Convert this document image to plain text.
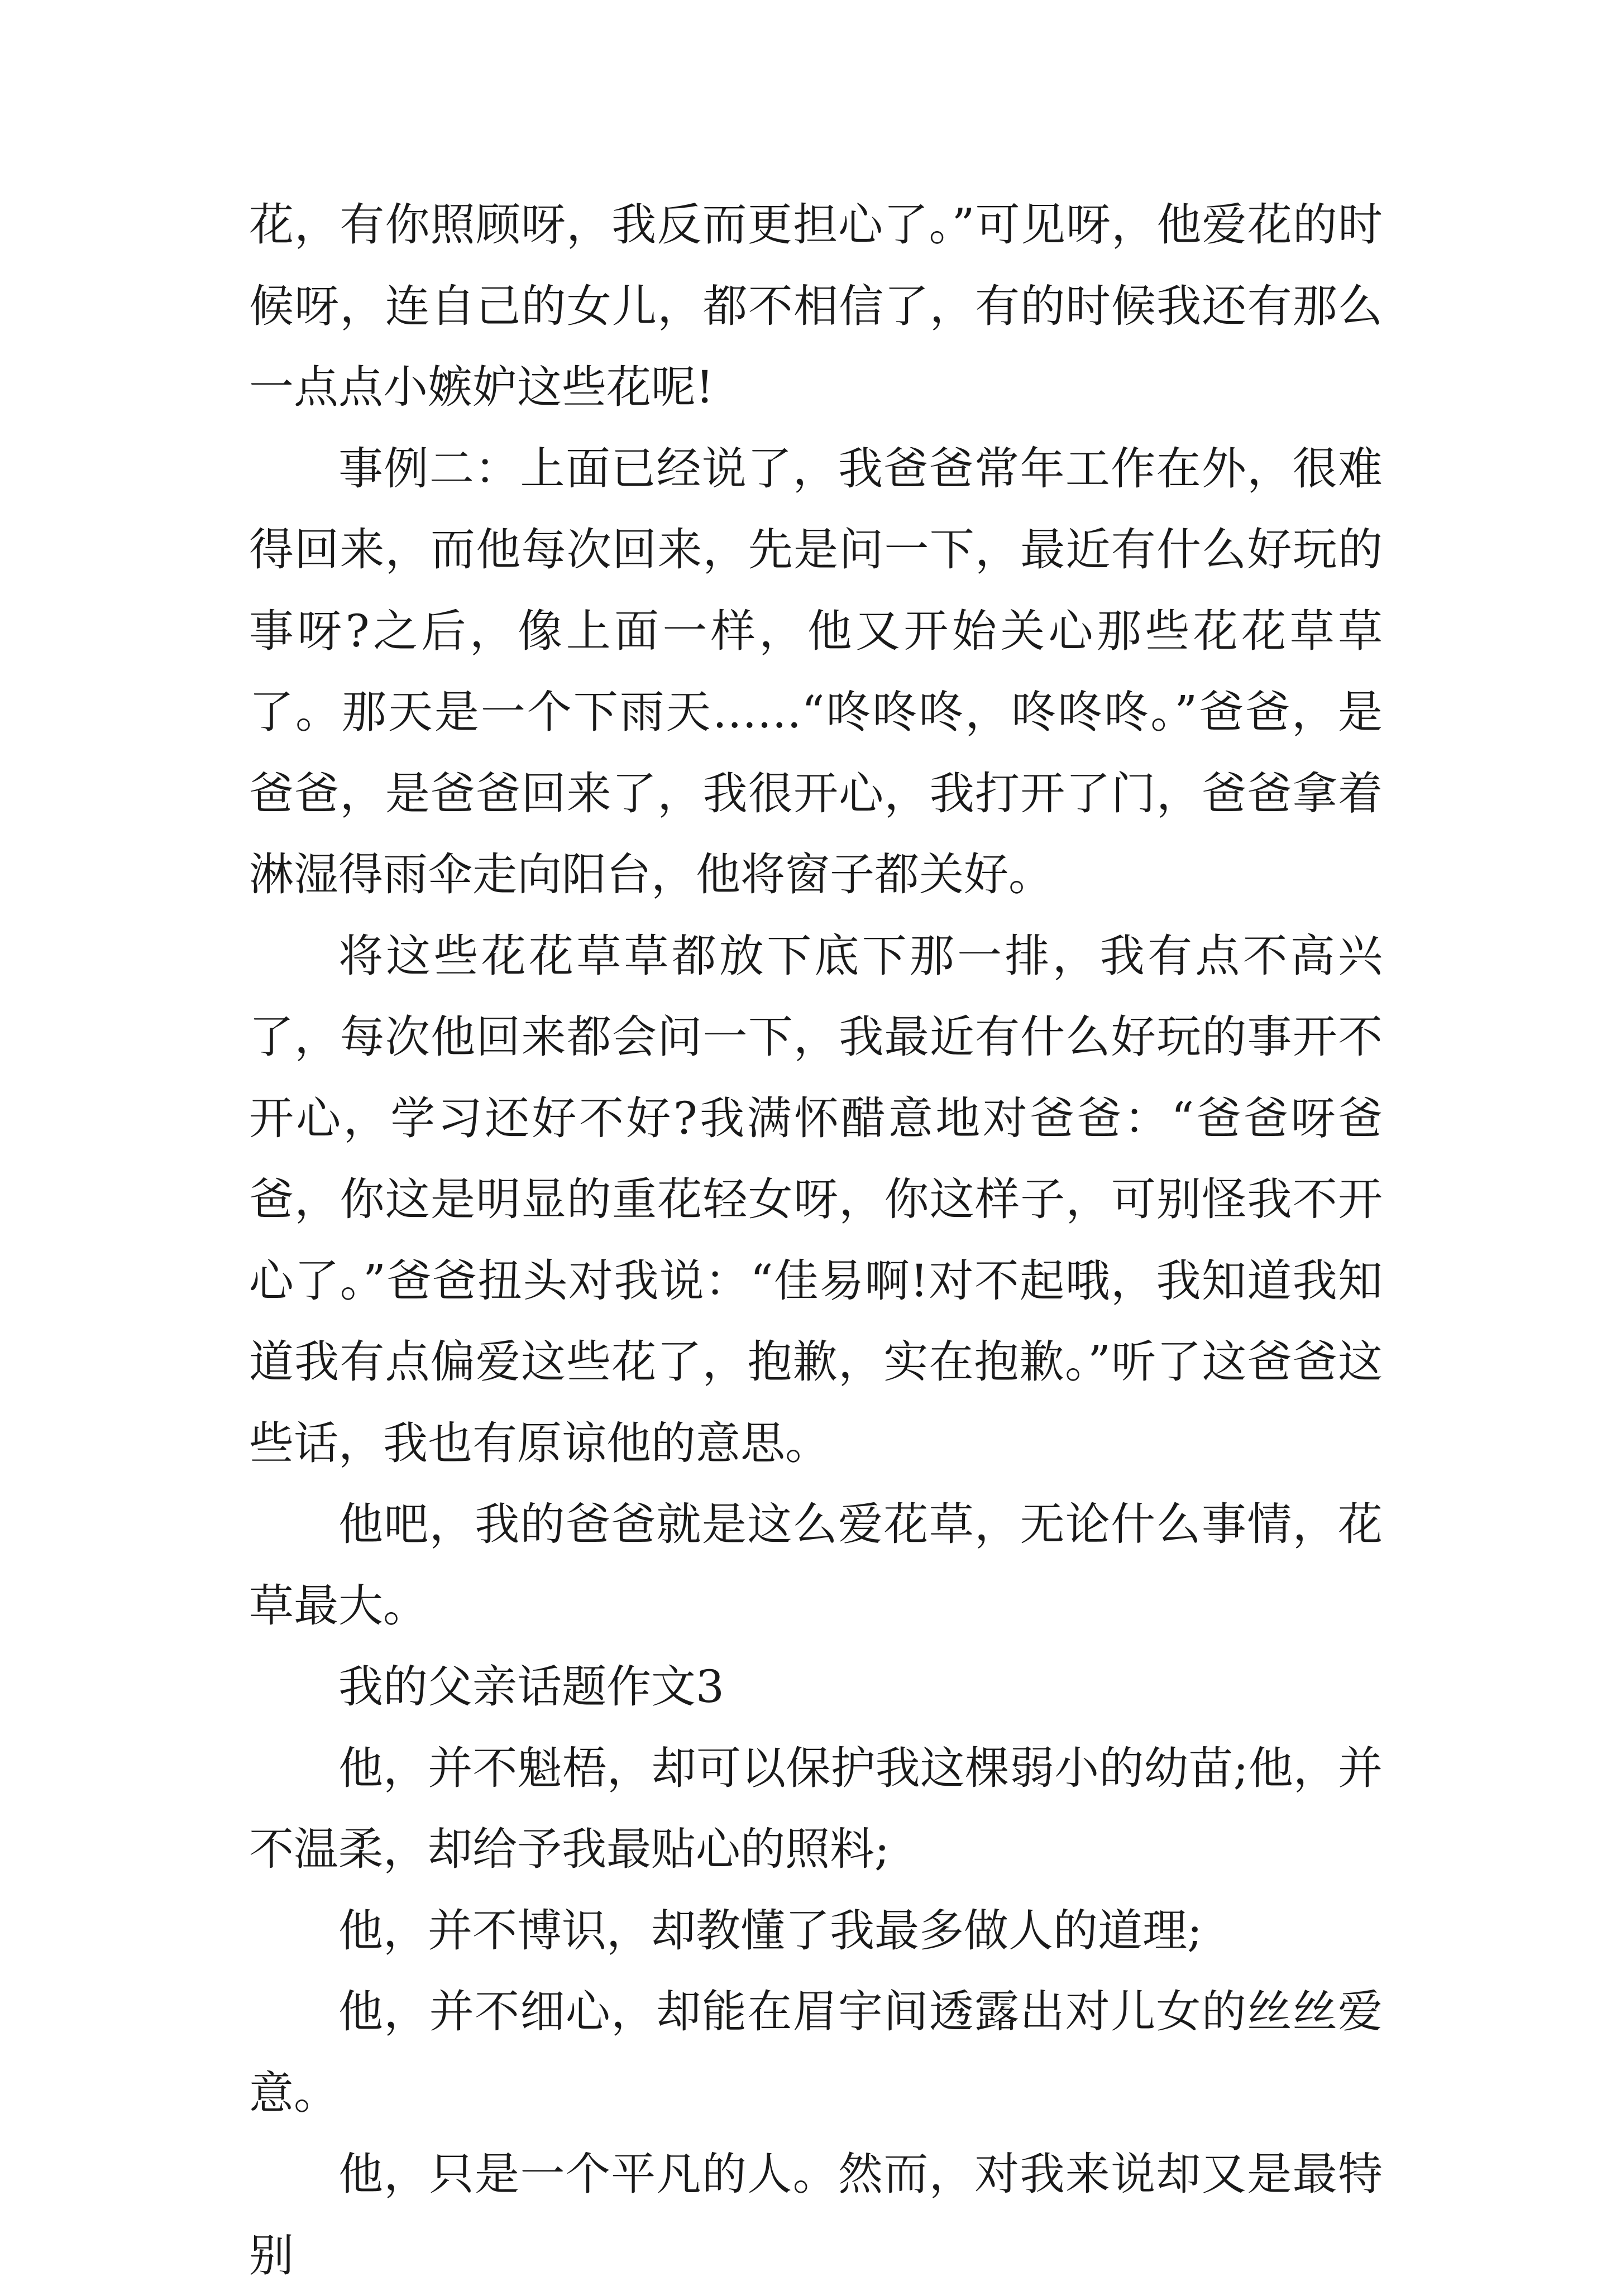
花，有你照顾呀，我反而更担心了。”可见呀，他爱花的时候呀，连自己的女儿，都不相信了，有的时候我还有那么一点点小嫉妒这些花呢!

事例二：上面已经说了，我爸爸常年工作在外，很难得回来，而他每次回来，先是问一下，最近有什么好玩的事呀?之后，像上面一样，他又开始关心那些花花草草了。那天是一个下雨天……“咚咚咚，咚咚咚。”爸爸，是爸爸，是爸爸回来了，我很开心，我打开了门，爸爸拿着淋湿得雨伞走向阳台，他将窗子都关好。

将这些花花草草都放下底下那一排，我有点不高兴了，每次他回来都会问一下，我最近有什么好玩的事开不开心，学习还好不好?我满怀醋意地对爸爸：“爸爸呀爸爸，你这是明显的重花轻女呀，你这样子，可别怪我不开心了。”爸爸扭头对我说：“佳易啊!对不起哦，我知道我知道我有点偏爱这些花了，抱歉，实在抱歉。”听了这爸爸这些话，我也有原谅他的意思。

他吧，我的爸爸就是这么爱花草，无论什么事情，花草最大。

我的父亲话题作文3

他，并不魁梧，却可以保护我这棵弱小的幼苗;他，并不温柔，却给予我最贴心的照料;

他，并不博识，却教懂了我最多做人的道理;

他，并不细心，却能在眉宇间透露出对儿女的丝丝爱意。

他，只是一个平凡的人。然而，对我来说却又是最特别
